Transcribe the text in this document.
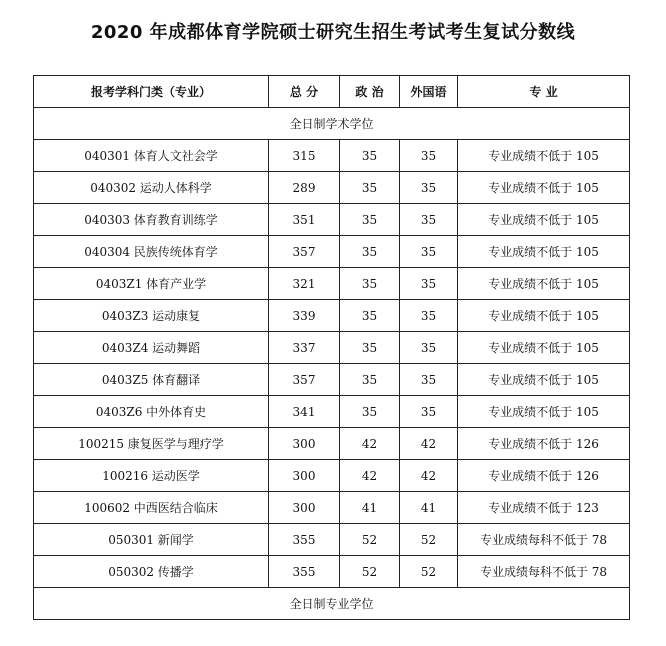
2020 年成都体育学院硕士研究生招生考试考生复试分数线
报考学科门类（专业）	总 分	政 治	外国语	专 业
全日制学术学位				
040301 体育人文社会学	315	35	35	专业成绩不低于 105
040302 运动人体科学	289	35	35	专业成绩不低于 105
040303 体育教育训练学	351	35	35	专业成绩不低于 105
040304 民族传统体育学	357	35	35	专业成绩不低于 105
0403Z1 体育产业学	321	35	35	专业成绩不低于 105
0403Z3 运动康复	339	35	35	专业成绩不低于 105
0403Z4 运动舞蹈	337	35	35	专业成绩不低于 105
0403Z5 体育翻译	357	35	35	专业成绩不低于 105
0403Z6 中外体育史	341	35	35	专业成绩不低于 105
100215 康复医学与理疗学	300	42	42	专业成绩不低于 126
100216 运动医学	300	42	42	专业成绩不低于 126
100602 中西医结合临床	300	41	41	专业成绩不低于 123
050301 新闻学	355	52	52	专业成绩每科不低于 78
050302 传播学	355	52	52	专业成绩每科不低于 78
全日制专业学位				
